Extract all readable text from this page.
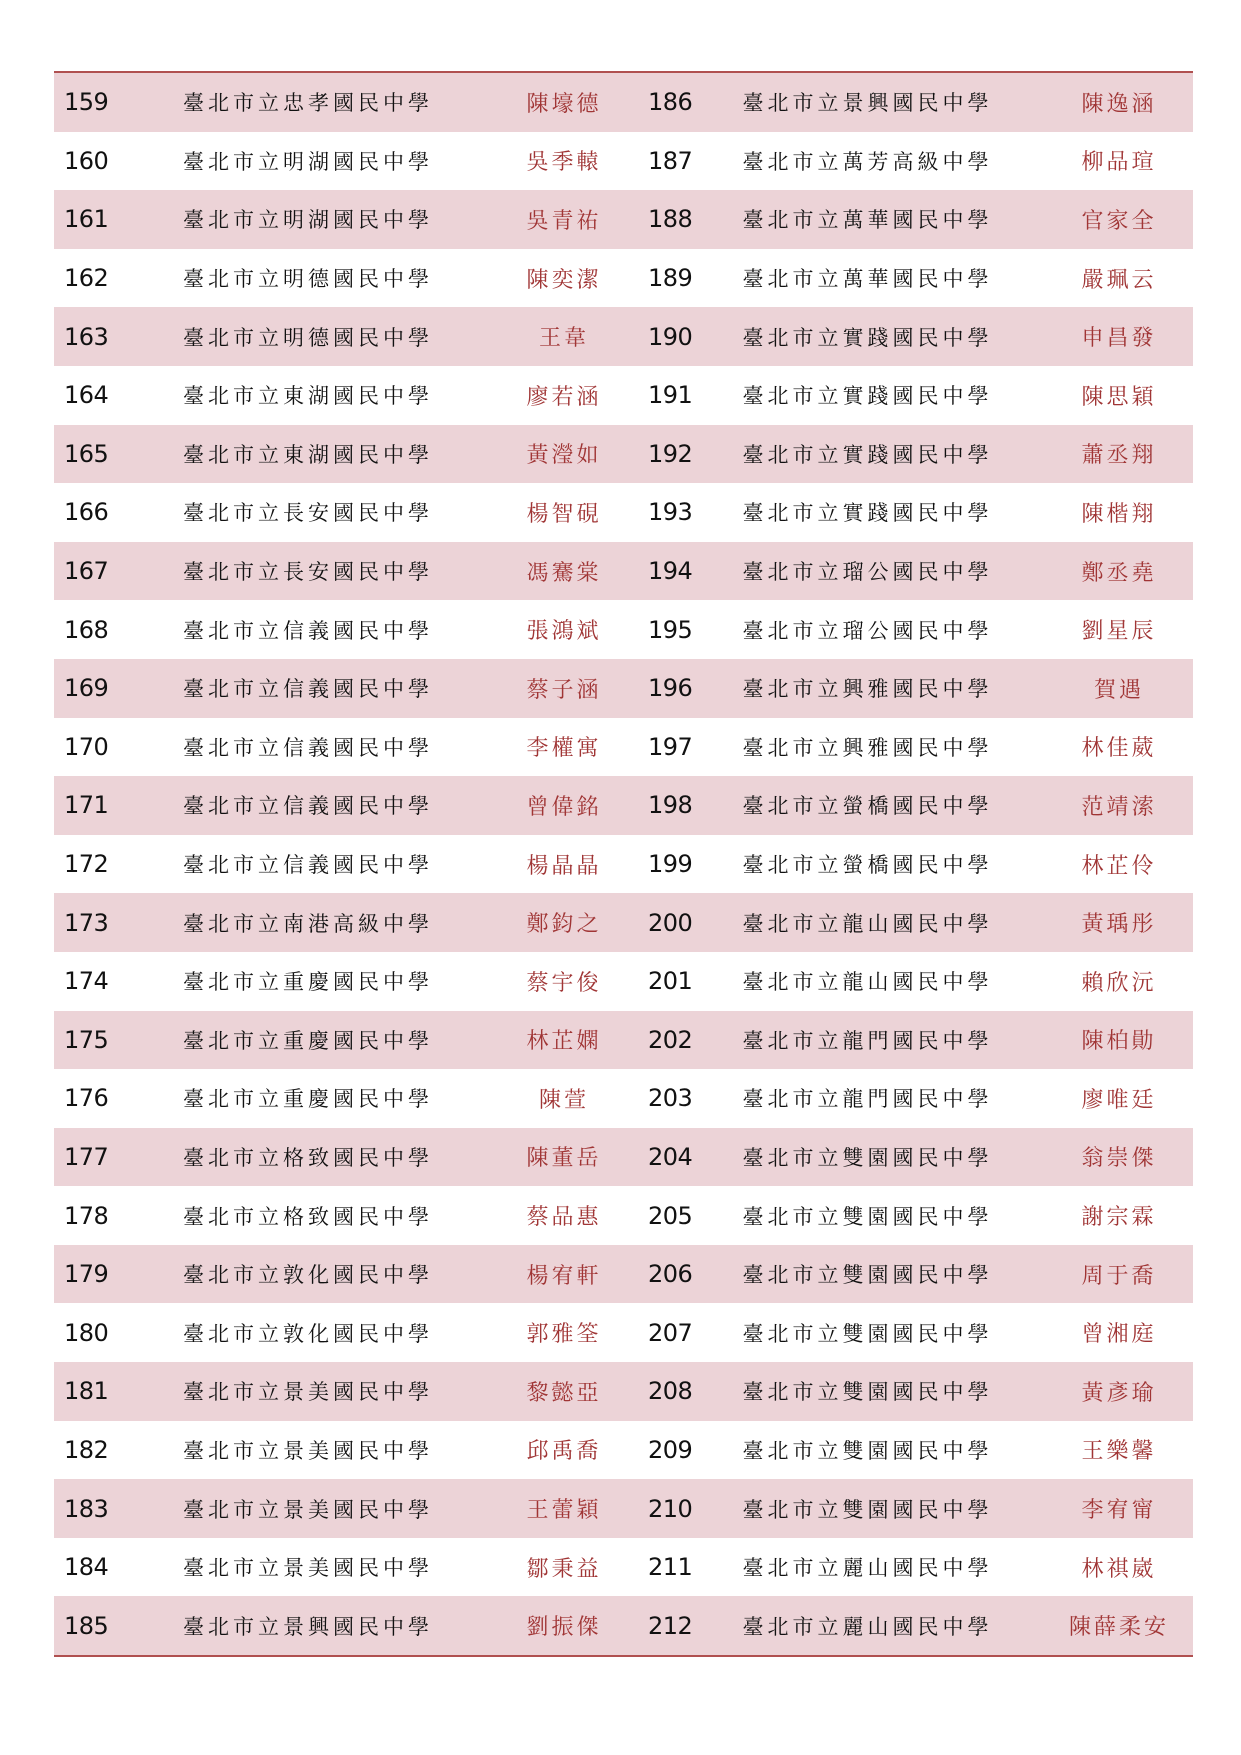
159	臺北市立忠孝國民中學	陳壕德	186	臺北市立景興國民中學	陳逸涵
160	臺北市立明湖國民中學	吳季轅	187	臺北市立萬芳高級中學	柳品瑄
161	臺北市立明湖國民中學	吳青祐	188	臺北市立萬華國民中學	官家全
162	臺北市立明德國民中學	陳奕潔	189	臺北市立萬華國民中學	嚴珮云
163	臺北市立明德國民中學	王韋	190	臺北市立實踐國民中學	申昌發
164	臺北市立東湖國民中學	廖若涵	191	臺北市立實踐國民中學	陳思穎
165	臺北市立東湖國民中學	黃瀅如	192	臺北市立實踐國民中學	蕭丞翔
166	臺北市立長安國民中學	楊智硯	193	臺北市立實踐國民中學	陳楷翔
167	臺北市立長安國民中學	馮騫棠	194	臺北市立瑠公國民中學	鄭丞堯
168	臺北市立信義國民中學	張鴻斌	195	臺北市立瑠公國民中學	劉星辰
169	臺北市立信義國民中學	蔡子涵	196	臺北市立興雅國民中學	賀遇
170	臺北市立信義國民中學	李權寓	197	臺北市立興雅國民中學	林佳葳
171	臺北市立信義國民中學	曾偉銘	198	臺北市立螢橋國民中學	范靖溹
172	臺北市立信義國民中學	楊晶晶	199	臺北市立螢橋國民中學	林芷伶
173	臺北市立南港高級中學	鄭鈞之	200	臺北市立龍山國民中學	黃瑀彤
174	臺北市立重慶國民中學	蔡宇俊	201	臺北市立龍山國民中學	賴欣沅
175	臺北市立重慶國民中學	林芷嫻	202	臺北市立龍門國民中學	陳柏勛
176	臺北市立重慶國民中學	陳萱	203	臺北市立龍門國民中學	廖唯廷
177	臺北市立格致國民中學	陳董岳	204	臺北市立雙園國民中學	翁崇傑
178	臺北市立格致國民中學	蔡品惠	205	臺北市立雙園國民中學	謝宗霖
179	臺北市立敦化國民中學	楊宥軒	206	臺北市立雙園國民中學	周于喬
180	臺北市立敦化國民中學	郭雅筌	207	臺北市立雙園國民中學	曾湘庭
181	臺北市立景美國民中學	黎懿亞	208	臺北市立雙園國民中學	黃彥瑜
182	臺北市立景美國民中學	邱禹喬	209	臺北市立雙園國民中學	王樂馨
183	臺北市立景美國民中學	王蕾穎	210	臺北市立雙園國民中學	李宥甯
184	臺北市立景美國民中學	鄒秉益	211	臺北市立麗山國民中學	林祺崴
185	臺北市立景興國民中學	劉振傑	212	臺北市立麗山國民中學	陳薛柔安
